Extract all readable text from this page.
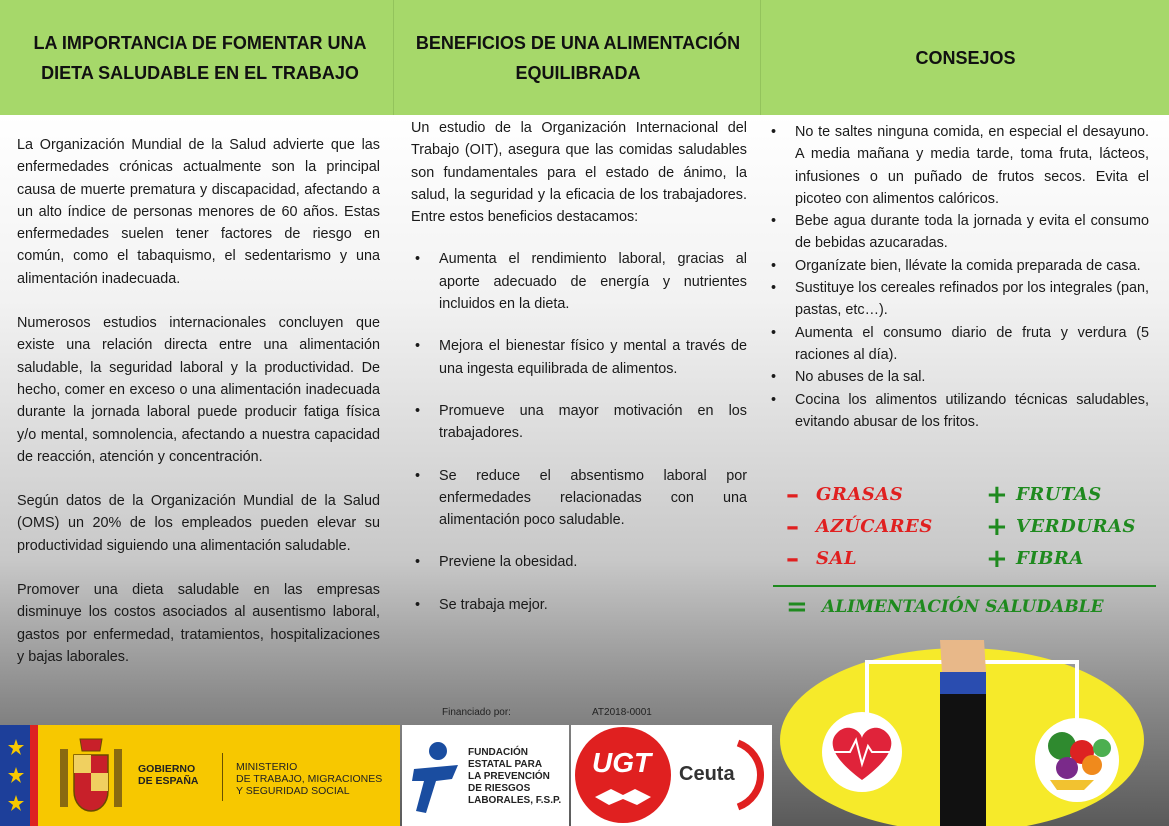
LA IMPORTANCIA DE FOMENTAR UNA DIETA SALUDABLE EN EL TRABAJO
BENEFICIOS DE UNA ALIMENTACIÓN EQUILIBRADA
CONSEJOS

La Organización Mundial de la Salud advierte que las enfermedades crónicas actualmente son la principal causa de muerte prematura y discapacidad, afectando a un alto índice de personas menores de 60 años. Estas enfermedades suelen tener factores de riesgo en común, como el tabaquismo, el sedentarismo y una alimentación inadecuada.

Numerosos estudios internacionales concluyen que existe una relación directa entre una alimentación saludable, la seguridad laboral y la productividad. De hecho, comer en exceso o una alimentación inadecuada durante la jornada laboral puede producir fatiga física y/o mental, somnolencia, afectando a nuestra capacidad de reacción, atención y concentración.

Según datos de la Organización Mundial de la Salud (OMS) un 20% de los empleados pueden elevar su productividad siguiendo una alimentación saludable.

Promover una dieta saludable en las empresas disminuye los costos asociados al ausentismo laboral, gastos por enfermedad, tratamientos, hospitalizaciones y bajas laborales.

Un estudio de la Organización Internacional del Trabajo (OIT), asegura que las comidas saludables son fundamentales para el estado de ánimo, la salud, la seguridad y la eficacia de los trabajadores. Entre estos beneficios destacamos:

• Aumenta el rendimiento laboral, gracias al aporte adecuado de energía y nutrientes incluidos en la dieta.
• Mejora el bienestar físico y mental a través de una ingesta equilibrada de alimentos.
• Promueve una mayor motivación en los trabajadores.
• Se reduce el absentismo laboral por enfermedades relacionadas con una alimentación poco saludable.
• Previene la obesidad.
• Se trabaja mejor.
• No te saltes ninguna comida, en especial el desayuno. A media mañana y media tarde, toma fruta, lácteos, infusiones o un puñado de frutos secos. Evita el picoteo con alimentos calóricos.
• Bebe agua durante toda la jornada y evita el consumo de bebidas azucaradas.
• Organízate bien, llévate la comida preparada de casa.
• Sustituye los cereales refinados por los integrales (pan, pastas, etc…).
• Aumenta el consumo diario de fruta y verdura (5 raciones al día).
• No abuses de la sal.
• Cocina los alimentos utilizando técnicas saludables, evitando abusar de los fritos.
– GRASAS
– AZÚCARES
– SAL
+ FRUTAS
+ VERDURAS
+ FIBRA
= ALIMENTACIÓN SALUDABLE
Financiado por:	AT2018-0001
GOBIERNO
DE ESPAÑA
MINISTERIO
DE TRABAJO, MIGRACIONES
Y SEGURIDAD SOCIAL
FUNDACIÓN
ESTATAL PARA
LA PREVENCIÓN
DE RIESGOS
LABORALES, F.S.P.
UGT Ceuta
